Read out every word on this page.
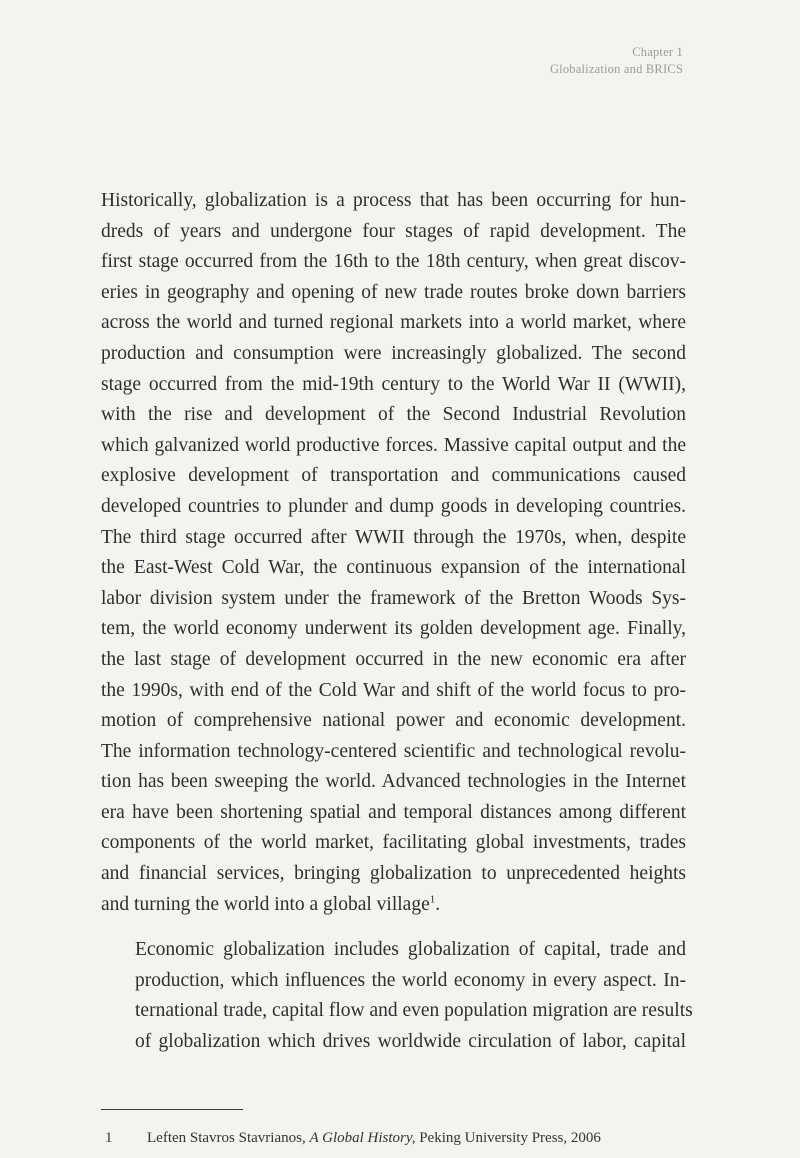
Chapter 1
Globalization and BRICS

Historically, globalization is a process that has been occurring for hun-
dreds of years and undergone four stages of rapid development. The
first stage occurred from the 16th to the 18th century, when great discov-
eries in geography and opening of new trade routes broke down barriers
across the world and turned regional markets into a world market, where
production and consumption were increasingly globalized. The second
stage occurred from the mid-19th century to the World War II (WWII),
with the rise and development of the Second Industrial Revolution
which galvanized world productive forces. Massive capital output and the
explosive development of transportation and communications caused
developed countries to plunder and dump goods in developing countries.
The third stage occurred after WWII through the 1970s, when, despite
the East-West Cold War, the continuous expansion of the international
labor division system under the framework of the Bretton Woods Sys-
tem, the world economy underwent its golden development age. Finally,
the last stage of development occurred in the new economic era after
the 1990s, with end of the Cold War and shift of the world focus to pro-
motion of comprehensive national power and economic development.
The information technology-centered scientific and technological revolu-
tion has been sweeping the world. Advanced technologies in the Internet
era have been shortening spatial and temporal distances among different
components of the world market, facilitating global investments, trades
and financial services, bringing globalization to unprecedented heights
and turning the world into a global village$^1$.

Economic globalization includes globalization of capital, trade and
production, which influences the world economy in every aspect. In-
ternational trade, capital flow and even population migration are results
of globalization which drives worldwide circulation of labor, capital

1 Leften Stavros Stavrianos, A Global History, Peking University Press, 2006
